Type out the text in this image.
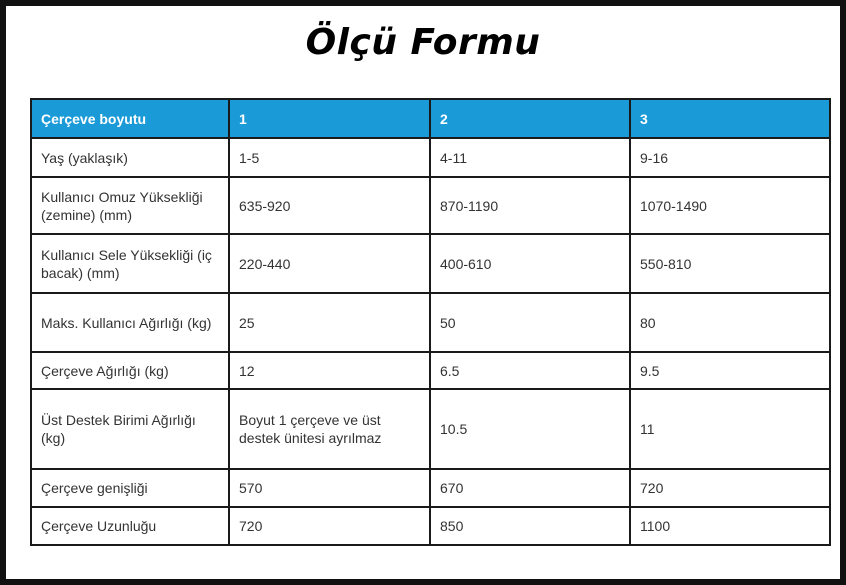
Ölçü Formu
Çerçeve boyutu	1	2	3
Yaş (yaklaşık)	1-5	4-11	9-16
Kullanıcı Omuz Yüksekliği (zemine) (mm)	635-920	870-1190	1070-1490
Kullanıcı Sele Yüksekliği (iç bacak) (mm)	220-440	400-610	550-810
Maks. Kullanıcı Ağırlığı (kg)	25	50	80
Çerçeve Ağırlığı (kg)	12	6.5	9.5
Üst Destek Birimi Ağırlığı (kg)	Boyut 1 çerçeve ve üst destek ünitesi ayrılmaz	10.5	11
Çerçeve genişliği	570	670	720
Çerçeve Uzunluğu	720	850	1100
